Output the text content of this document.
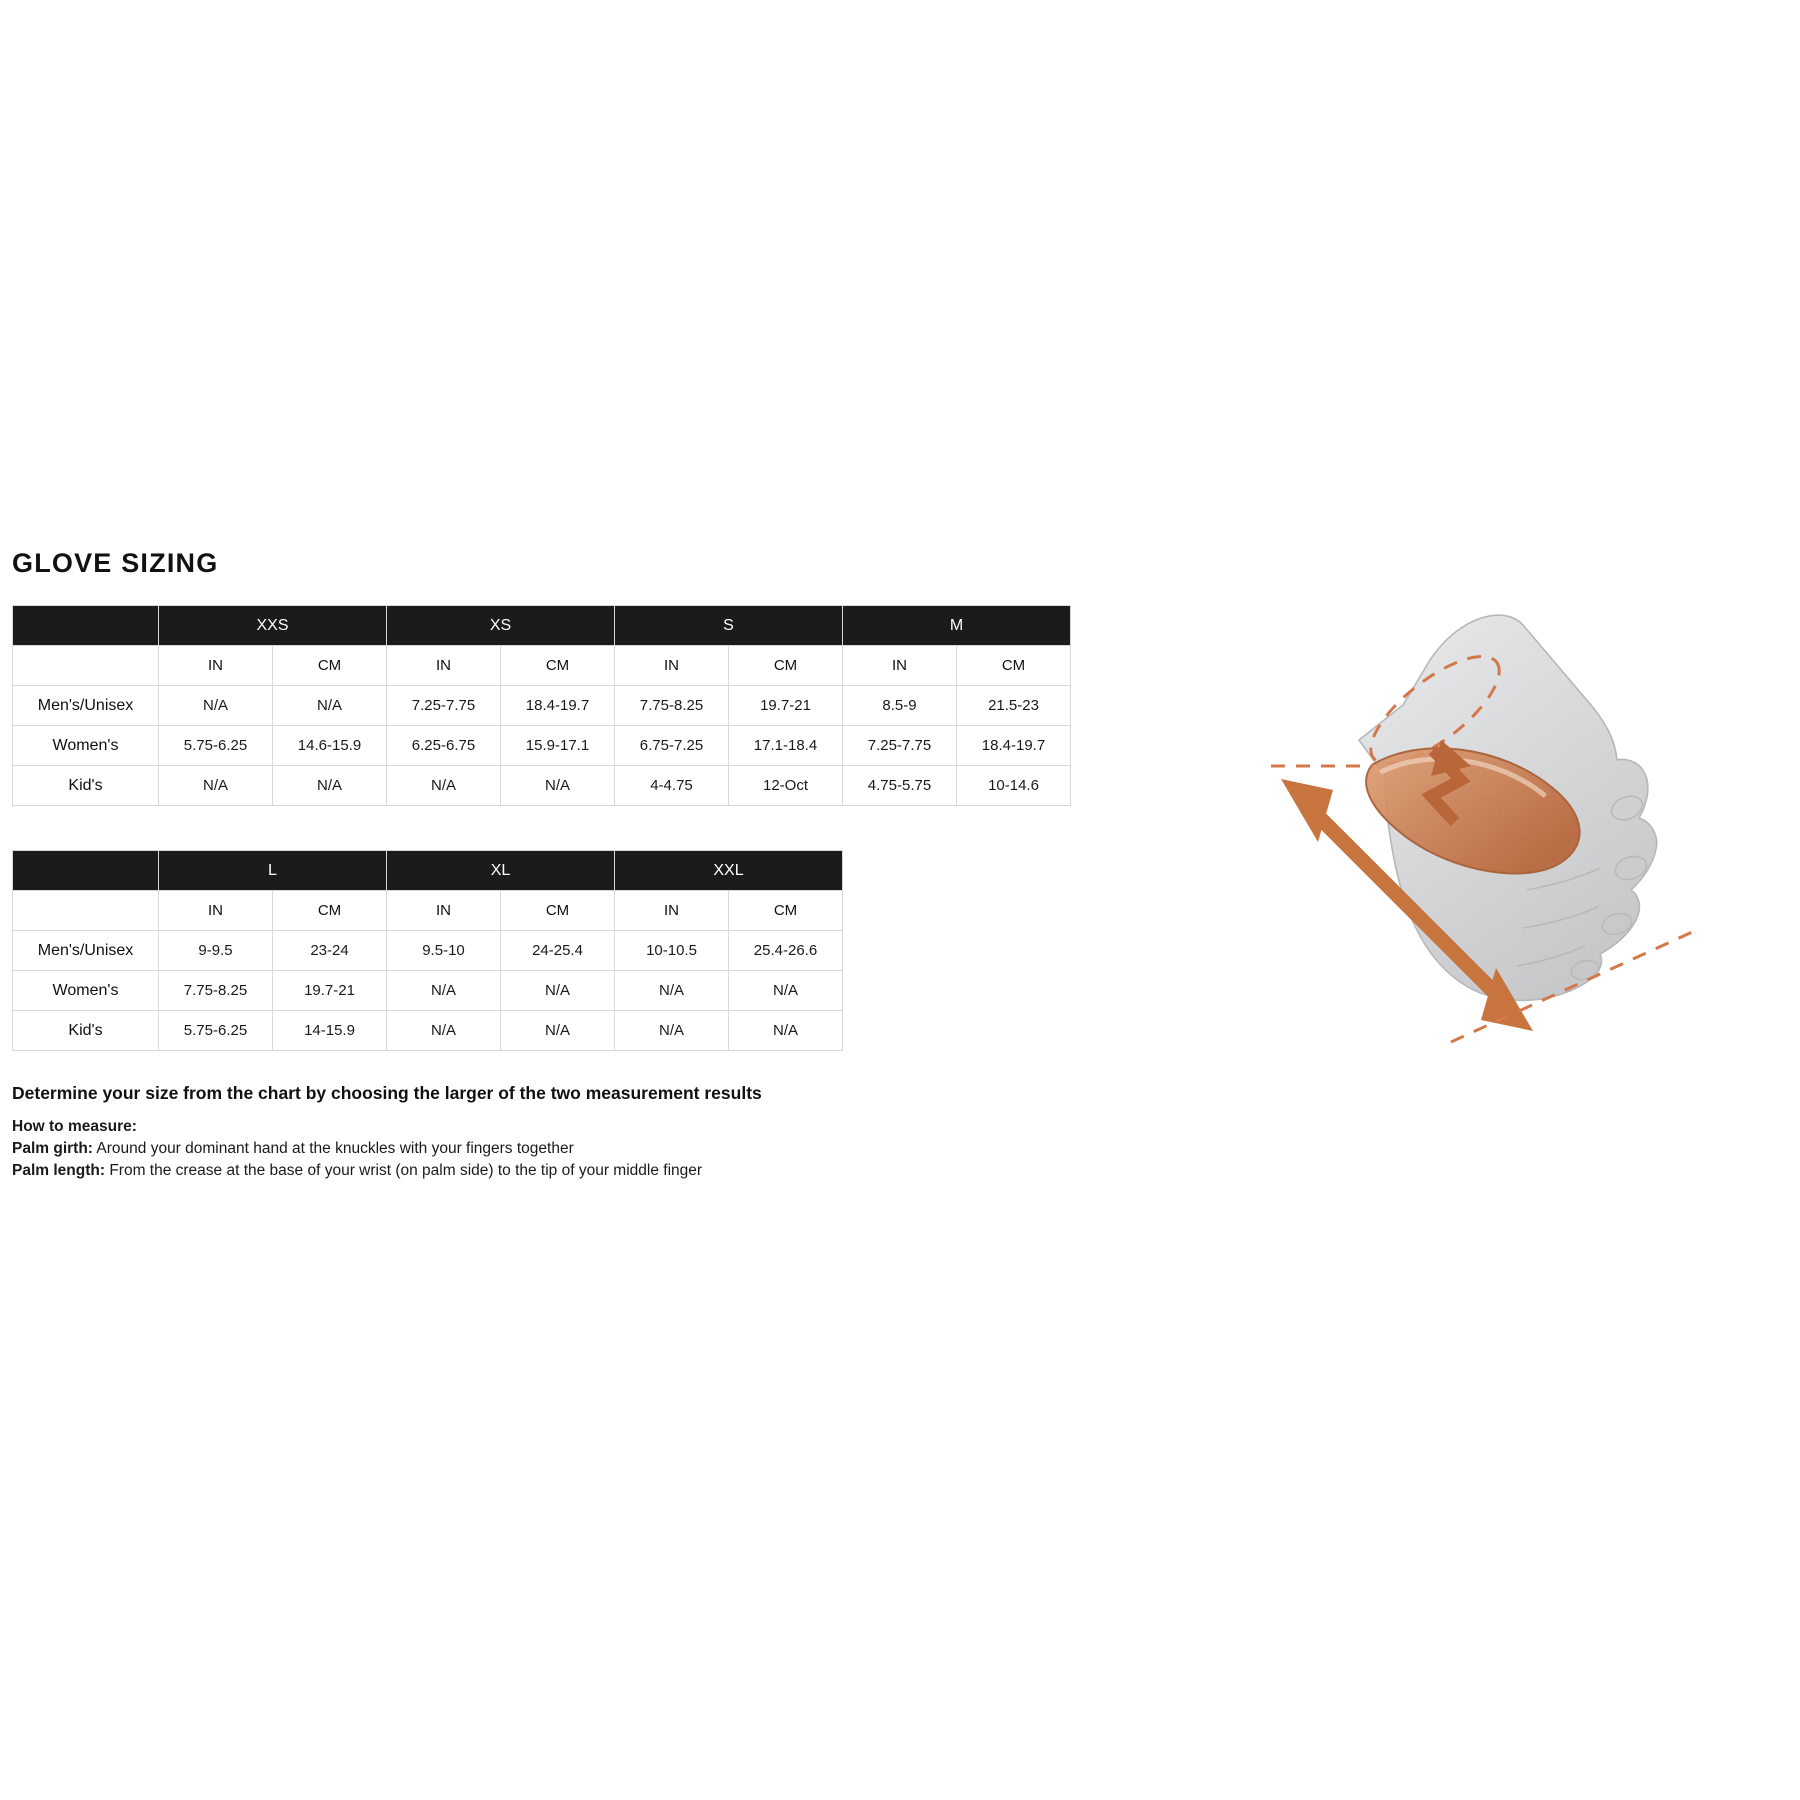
GLOVE SIZING
	XXS		XS		S		M	
	IN	CM	IN	CM	IN	CM	IN	CM
Men's/Unisex	N/A	N/A	7.25-7.75	18.4-19.7	7.75-8.25	19.7-21	8.5-9	21.5-23
Women's	5.75-6.25	14.6-15.9	6.25-6.75	15.9-17.1	6.75-7.25	17.1-18.4	7.25-7.75	18.4-19.7
Kid's	N/A	N/A	N/A	N/A	4-4.75	12-Oct	4.75-5.75	10-14.6
	L		XL		XXL	
	IN	CM	IN	CM	IN	CM
Men's/Unisex	9-9.5	23-24	9.5-10	24-25.4	10-10.5	25.4-26.6
Women's	7.75-8.25	19.7-21	N/A	N/A	N/A	N/A
Kid's	5.75-6.25	14-15.9	N/A	N/A	N/A	N/A
Determine your size from the chart by choosing the larger of the two measurement results
How to measure:
Palm girth: Around your dominant hand at the knuckles with your fingers together
Palm length: From the crease at the base of your wrist (on palm side) to the tip of your middle finger
